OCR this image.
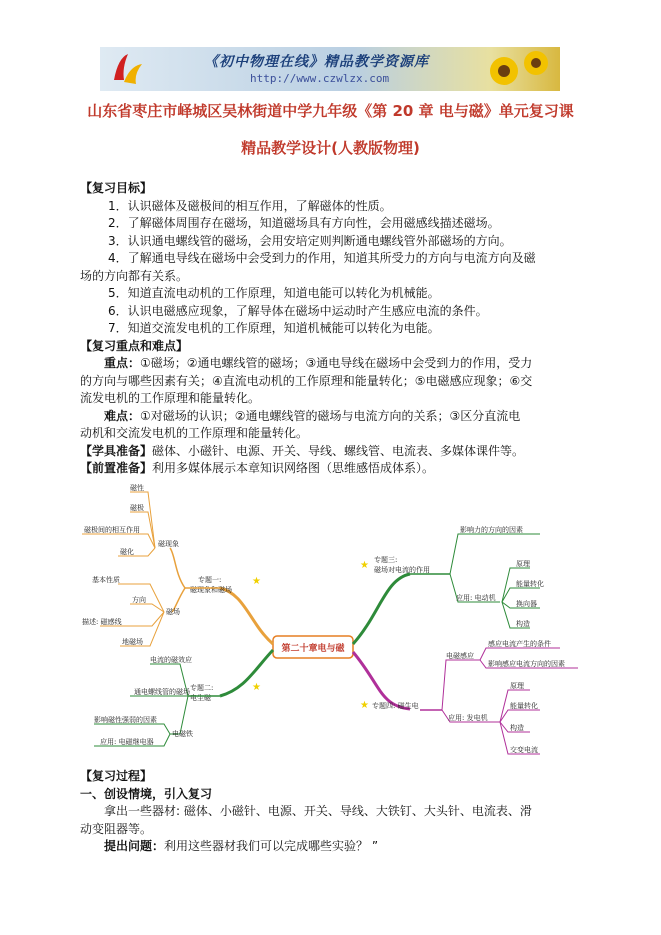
《初中物理在线》精品教学资源库
http://www.czwlzx.com
山东省枣庄市峄城区吴林街道中学九年级《第 20 章 电与磁》单元复习课
精品教学设计(人教版物理)
【复习目标】
1．认识磁体及磁极间的相互作用，了解磁体的性质。
2．了解磁体周围存在磁场，知道磁场具有方向性，会用磁感线描述磁场。
3．认识通电螺线管的磁场，会用安培定则判断通电螺线管外部磁场的方向。
4．了解通电导线在磁场中会受到力的作用，知道其所受力的方向与电流方向及磁
场的方向都有关系。
5．知道直流电动机的工作原理，知道电能可以转化为机械能。
6．认识电磁感应现象，了解导体在磁场中运动时产生感应电流的条件。
7．知道交流发电机的工作原理，知道机械能可以转化为电能。
【复习重点和难点】
重点：①磁场；②通电螺线管的磁场；③通电导线在磁场中会受到力的作用，受力
的方向与哪些因素有关；④直流电动机的工作原理和能量转化；⑤电磁感应现象；⑥交
流发电机的工作原理和能量转化。
难点：①对磁场的认识；②通电螺线管的磁场与电流方向的关系；③区分直流电
动机和交流发电机的工作原理和能量转化。
【学具准备】磁体、小磁针、电源、开关、导线、螺线管、电流表、多媒体课件等。
【前置准备】利用多媒体展示本章知识网络图（思维感悟成体系）。
第二十章电与磁
专题一:
磁现象和磁场
★
磁现象
磁性
磁极
磁极间的相互作用
磁化
磁场
基本性质
方向
描述: 磁感线
地磁场
专题二:
电生磁
★
电流的磁效应
通电螺线管的磁场
电磁铁
影响磁性强弱的因素
应用: 电磁继电器
★ 专题三:
磁场对电流的作用
影响力的方向的因素
应用: 电动机
原理
能量转化
换向器
构造
★ 专题四: 磁生电
电磁感应
感应电流产生的条件
影响感应电流方向的因素
应用: 发电机
原理
能量转化
构造
交变电流
【复习过程】
一、创设情境，引入复习
拿出一些器材: 磁体、小磁针、电源、开关、导线、大铁钉、大头针、电流表、滑
动变阻器等。
提出问题：利用这些器材我们可以完成哪些实验？ ”
